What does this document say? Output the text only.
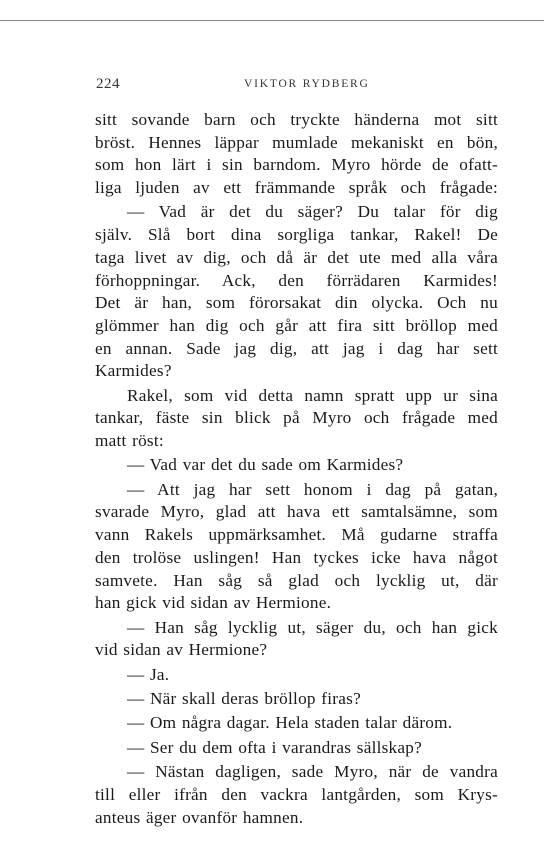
224	VIKTOR RYDBERG
sitt sovande barn och tryckte händerna mot sitt
bröst. Hennes läppar mumlade mekaniskt en bön,
som hon lärt i sin barndom. Myro hörde de ofatt-
liga ljuden av ett främmande språk och frågade:
— Vad är det du säger? Du talar för dig
själv. Slå bort dina sorgliga tankar, Rakel! De
taga livet av dig, och då är det ute med alla våra
förhoppningar. Ack, den förrädaren Karmides!
Det är han, som förorsakat din olycka. Och nu
glömmer han dig och går att fira sitt bröllop med
en annan. Sade jag dig, att jag i dag har sett
Karmides?
Rakel, som vid detta namn spratt upp ur sina
tankar, fäste sin blick på Myro och frågade med
matt röst:
— Vad var det du sade om Karmides?
— Att jag har sett honom i dag på gatan,
svarade Myro, glad att hava ett samtalsämne, som
vann Rakels uppmärksamhet. Må gudarne straffa
den trolöse uslingen! Han tyckes icke hava något
samvete. Han såg så glad och lycklig ut, där
han gick vid sidan av Hermione.
— Han såg lycklig ut, säger du, och han gick
vid sidan av Hermione?
— Ja.
— När skall deras bröllop firas?
— Om några dagar. Hela staden talar därom.
— Ser du dem ofta i varandras sällskap?
— Nästan dagligen, sade Myro, när de vandra
till eller ifrån den vackra lantgården, som Krys-
anteus äger ovanför hamnen.
